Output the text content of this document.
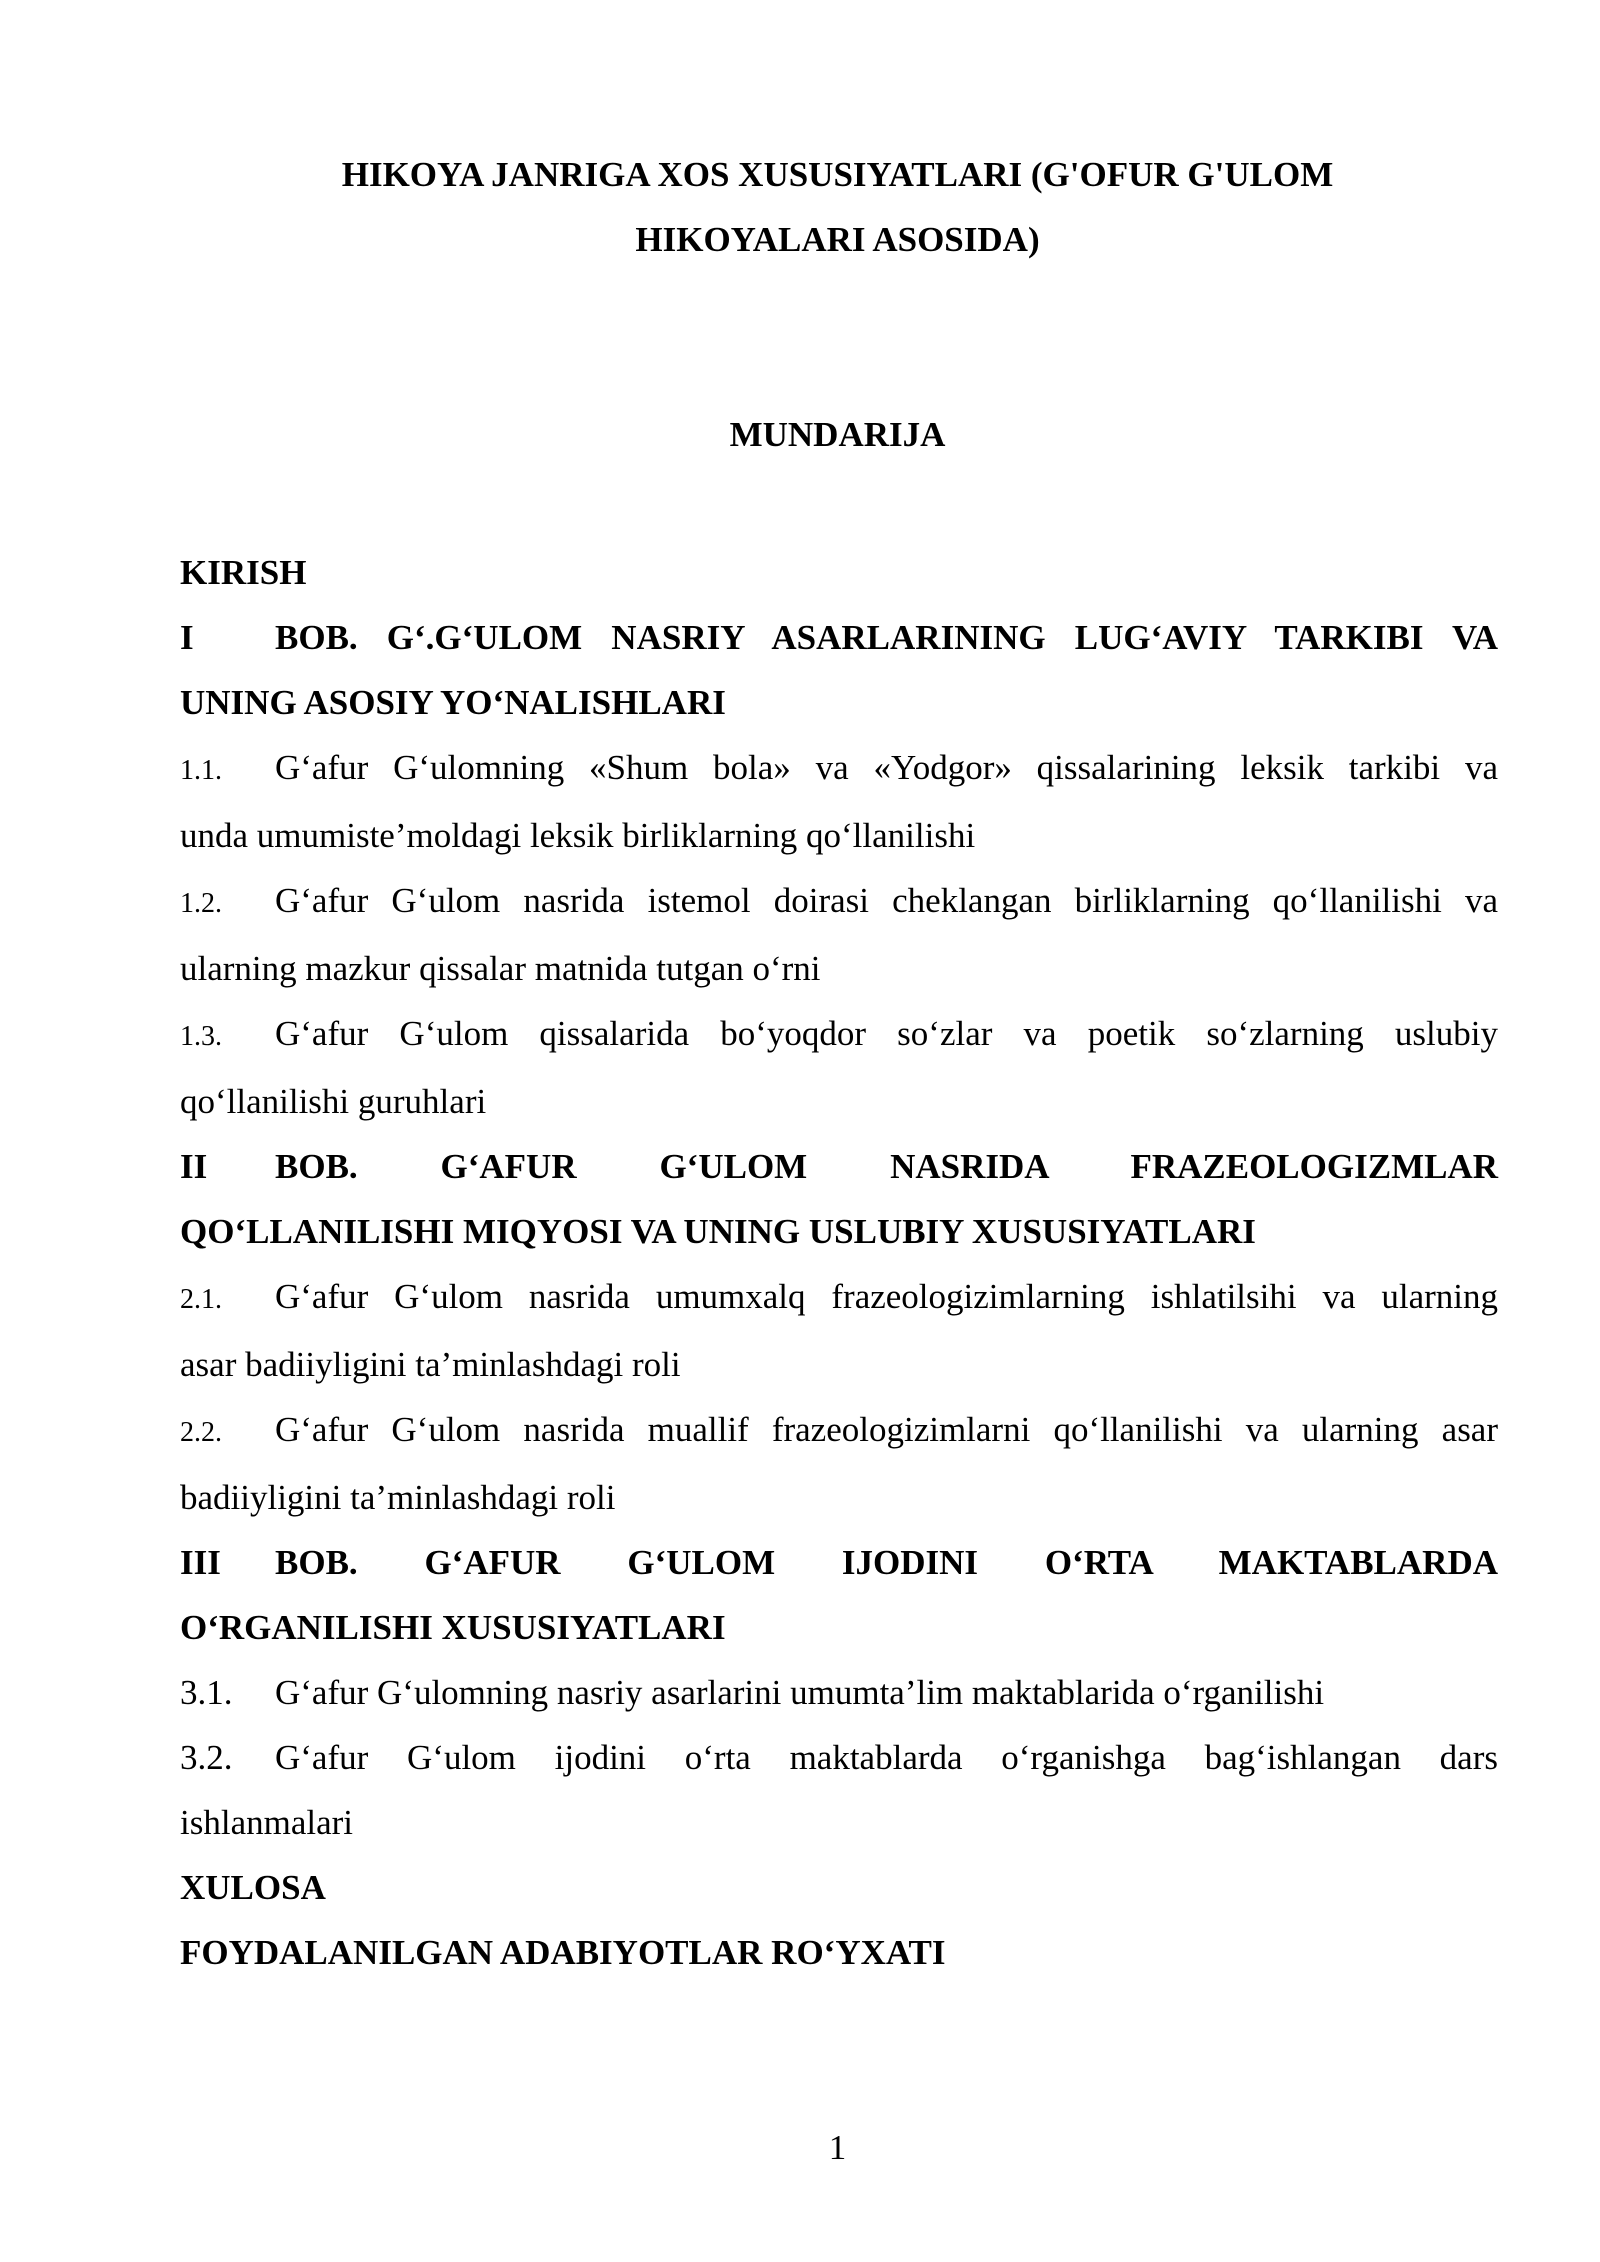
HIKOYA JANRIGA XOS XUSUSIYATLARI (G'OFUR G'ULOM
HIKOYALARI ASOSIDA)
MUNDARIJA
KIRISH
I BOB. G‘.G‘ULOM NASRIY ASARLARINING LUG‘AVIY TARKIBI VA
UNING ASOSIY YO‘NALISHLARI
1.1. G‘afur G‘ulomning «Shum bola» va «Yodgor» qissalarining leksik tarkibi va
unda umumiste’moldagi leksik birliklarning qo‘llanilishi
1.2. G‘afur G‘ulom nasrida istemol doirasi cheklangan birliklarning qo‘llanilishi va
ularning mazkur qissalar matnida tutgan o‘rni
1.3. G‘afur G‘ulom qissalarida bo‘yoqdor so‘zlar va poetik so‘zlarning uslubiy
qo‘llanilishi guruhlari
II BOB. G‘AFUR G‘ULOM NASRIDA FRAZEOLOGIZMLAR
QO‘LLANILISHI MIQYOSI VA UNING USLUBIY XUSUSIYATLARI
2.1. G‘afur G‘ulom nasrida umumxalq frazeologizimlarning ishlatilsihi va ularning
asar badiiyligini ta’minlashdagi roli
2.2. G‘afur G‘ulom nasrida muallif frazeologizimlarni qo‘llanilishi va ularning asar
badiiyligini ta’minlashdagi roli
III BOB. G‘AFUR G‘ULOM IJODINI O‘RTA MAKTABLARDA
O‘RGANILISHI XUSUSIYATLARI
3.1. G‘afur G‘ulomning nasriy asarlarini umumta’lim maktablarida o‘rganilishi
3.2. G‘afur G‘ulom ijodini o‘rta maktablarda o‘rganishga bag‘ishlangan dars
ishlanmalari
XULOSA
FOYDALANILGAN ADABIYOTLAR RO‘YXATI
1
